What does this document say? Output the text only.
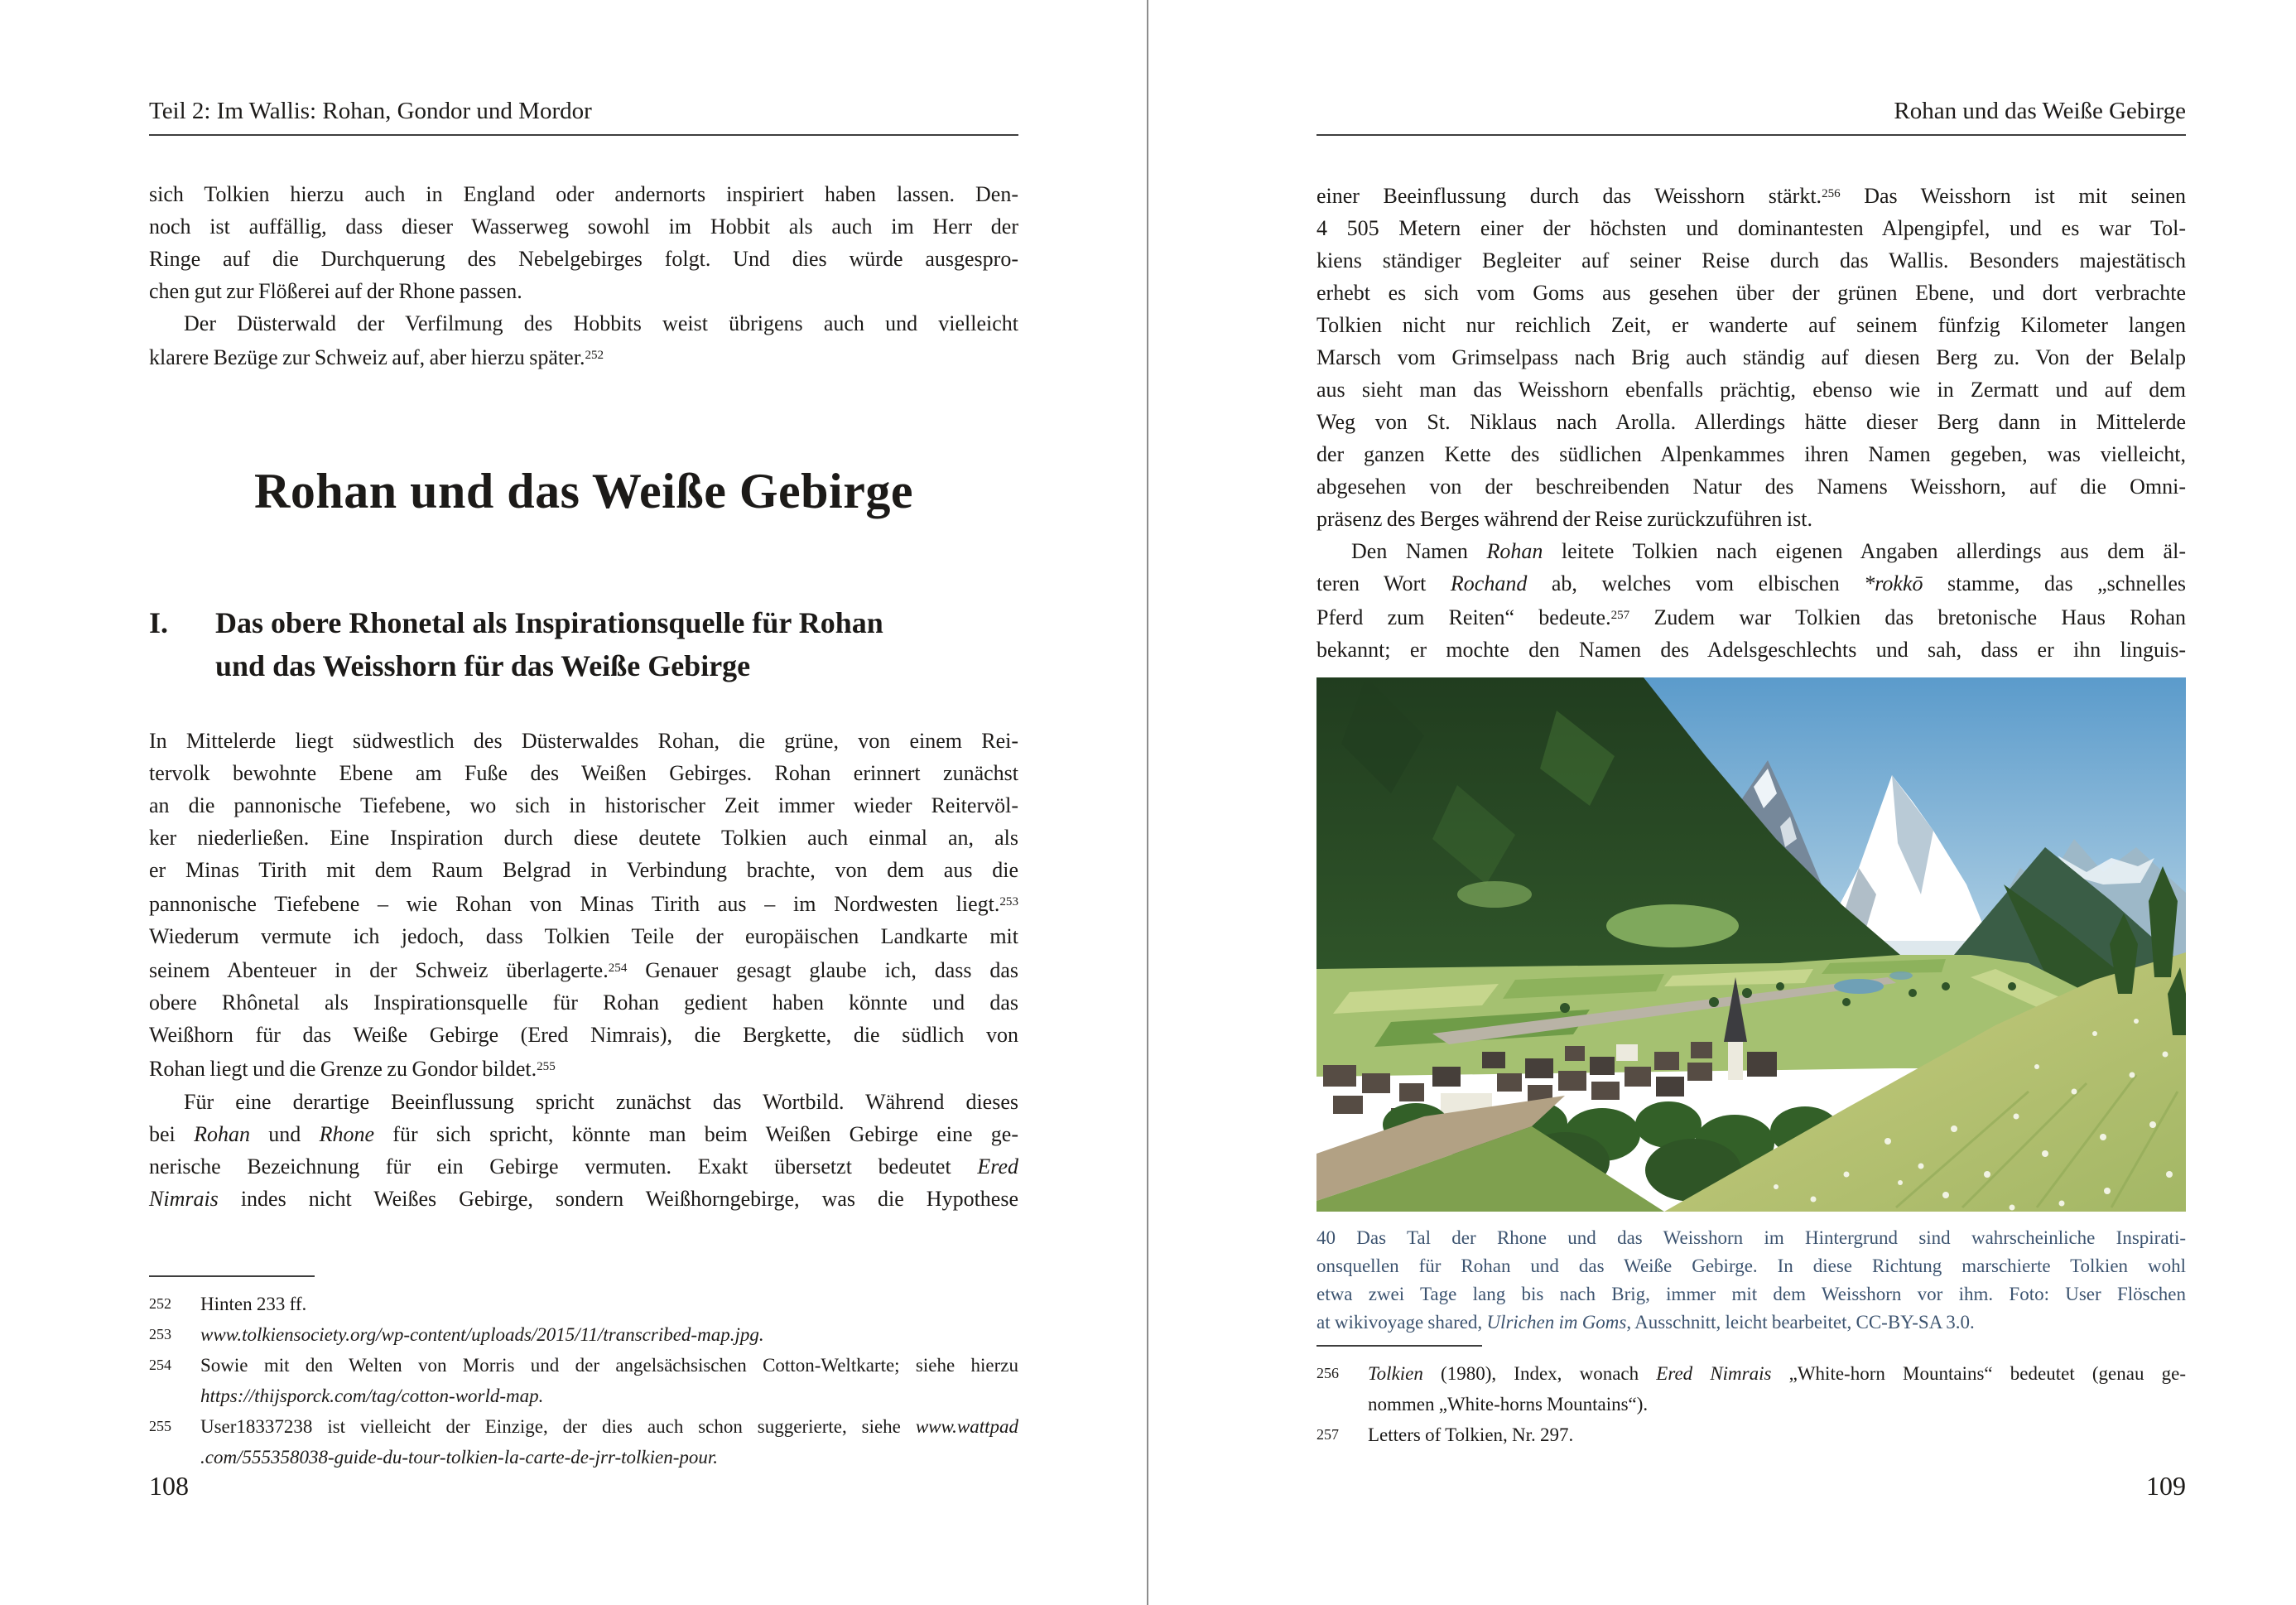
Teil 2: Im Wallis: Rohan, Gondor und Mordor
sich Tolkien hierzu auch in England oder andernorts inspiriert haben lassen. Den-
noch ist auffällig, dass dieser Wasserweg sowohl im Hobbit als auch im Herr der
Ringe auf die Durchquerung des Nebelgebirges folgt. Und dies würde ausgespro-
chen gut zur Flößerei auf der Rhone passen.
Der Düsterwald der Verfilmung des Hobbits weist übrigens auch und vielleicht
klarere Bezüge zur Schweiz auf, aber hierzu später.$^{252}$
Rohan und das Weiße Gebirge
I.	Das obere Rhonetal als Inspirationsquelle für Rohan
und das Weisshorn für das Weiße Gebirge
In Mittelerde liegt südwestlich des Düsterwaldes Rohan, die grüne, von einem Rei-
tervolk bewohnte Ebene am Fuße des Weißen Gebirges. Rohan erinnert zunächst
an die pannonische Tiefebene, wo sich in historischer Zeit immer wieder Reitervöl-
ker niederließen. Eine Inspiration durch diese deutete Tolkien auch einmal an, als
er Minas Tirith mit dem Raum Belgrad in Verbindung brachte, von dem aus die
pannonische Tiefebene – wie Rohan von Minas Tirith aus – im Nordwesten liegt.$^{253}$
Wiederum vermute ich jedoch, dass Tolkien Teile der europäischen Landkarte mit
seinem Abenteuer in der Schweiz überlagerte.$^{254}$ Genauer gesagt glaube ich, dass das
obere Rhônetal als Inspirationsquelle für Rohan gedient haben könnte und das
Weißhorn für das Weiße Gebirge (Ered Nimrais), die Bergkette, die südlich von
Rohan liegt und die Grenze zu Gondor bildet.$^{255}$
Für eine derartige Beeinflussung spricht zunächst das Wortbild. Während dieses
bei Rohan und Rhone für sich spricht, könnte man beim Weißen Gebirge eine ge-
nerische Bezeichnung für ein Gebirge vermuten. Exakt übersetzt bedeutet Ered
Nimrais indes nicht Weißes Gebirge, sondern Weißhorngebirge, was die Hypothese
252	Hinten 233 ff.
253	www.tolkiensociety.org/wp-content/uploads/2015/11/transcribed-map.jpg.
254	Sowie mit den Welten von Morris und der angelsächsischen Cotton-Weltkarte; siehe hierzu
https://thijsporck.com/tag/cotton-world-map.
255	User18337238 ist vielleicht der Einzige, der dies auch schon suggerierte, siehe www.wattpad
.com/555358038-guide-du-tour-tolkien-la-carte-de-jrr-tolkien-pour.
108
Rohan und das Weiße Gebirge
einer Beeinflussung durch das Weisshorn stärkt.$^{256}$ Das Weisshorn ist mit seinen
4 505 Metern einer der höchsten und dominantesten Alpengipfel, und es war Tol-
kiens ständiger Begleiter auf seiner Reise durch das Wallis. Besonders majestätisch
erhebt es sich vom Goms aus gesehen über der grünen Ebene, und dort verbrachte
Tolkien nicht nur reichlich Zeit, er wanderte auf seinem fünfzig Kilometer langen
Marsch vom Grimselpass nach Brig auch ständig auf diesen Berg zu. Von der Belalp
aus sieht man das Weisshorn ebenfalls prächtig, ebenso wie in Zermatt und auf dem
Weg von St. Niklaus nach Arolla. Allerdings hätte dieser Berg dann in Mittelerde
der ganzen Kette des südlichen Alpenkammes ihren Namen gegeben, was vielleicht,
abgesehen von der beschreibenden Natur des Namens Weisshorn, auf die Omni-
präsenz des Berges während der Reise zurückzuführen ist.
Den Namen Rohan leitete Tolkien nach eigenen Angaben allerdings aus dem äl-
teren Wort Rochand ab, welches vom elbischen *rokkō stamme, das „schnelles
Pferd zum Reiten“ bedeute.$^{257}$ Zudem war Tolkien das bretonische Haus Rohan
bekannt; er mochte den Namen des Adelsgeschlechts und sah, dass er ihn linguis-
40 Das Tal der Rhone und das Weisshorn im Hintergrund sind wahrscheinliche Inspirati-
onsquellen für Rohan und das Weiße Gebirge. In diese Richtung marschierte Tolkien wohl
etwa zwei Tage lang bis nach Brig, immer mit dem Weisshorn vor ihm. Foto: User Flöschen
at wikivoyage shared, Ulrichen im Goms, Ausschnitt, leicht bearbeitet, CC-BY-SA 3.0.
256	Tolkien (1980), Index, wonach Ered Nimrais „White-horn Mountains“ bedeutet (genau ge-
nommen „White-horns Mountains“).
257	Letters of Tolkien, Nr. 297.
109
